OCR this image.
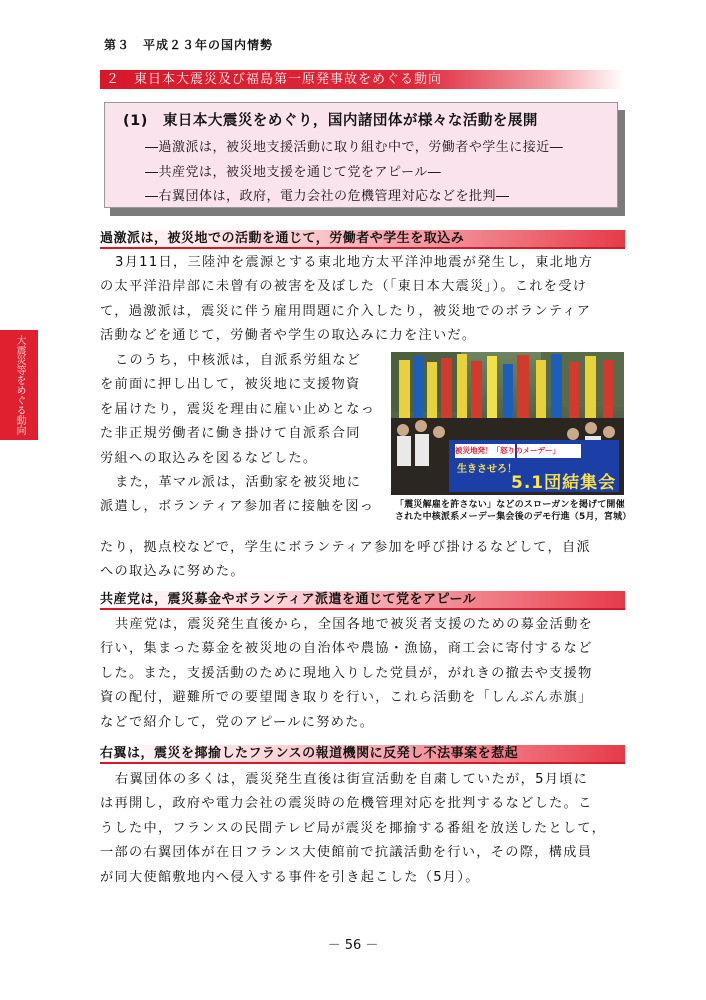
第３　平成２３年の国内情勢
２　東日本大震災及び福島第一原発事故をめぐる動向
(1)　東日本大震災をめぐり，国内諸団体が様々な活動を展開
―過激派は，被災地支援活動に取り組む中で，労働者や学生に接近―
―共産党は，被災地支援を通じて党をアピール―
―右翼団体は，政府，電力会社の危機管理対応などを批判―
大震災等をめぐる動向
過激派は，被災地での活動を通じて，労働者や学生を取込み
3月11日，三陸沖を震源とする東北地方太平洋沖地震が発生し，東北地方
の太平洋沿岸部に未曾有の被害を及ぼした（「東日本大震災」）。これを受け
て，過激派は，震災に伴う雇用問題に介入したり，被災地でのボランティア
活動などを通じて，労働者や学生の取込みに力を注いだ。
このうち，中核派は，自派系労組など
を前面に押し出して，被災地に支援物資
を届けたり，震災を理由に雇い止めとなっ
た非正規労働者に働き掛けて自派系合同
労組への取込みを図るなどした。
また，革マル派は，活動家を被災地に
派遣し，ボランティア参加者に接触を図っ
たり，拠点校などで，学生にボランティア参加を呼び掛けるなどして，自派
への取込みに努めた。
被災地発！「怒りのメーデー」
生きさせろ！
5.1団結集会
「震災解雇を許さない」などのスローガンを掲げて開催
された中核派系メーデー集会後のデモ行進（5月，宮城）
共産党は，震災募金やボランティア派遣を通じて党をアピール
共産党は，震災発生直後から，全国各地で被災者支援のための募金活動を
行い，集まった募金を被災地の自治体や農協・漁協，商工会に寄付するなど
した。また，支援活動のために現地入りした党員が，がれきの撤去や支援物
資の配付，避難所での要望聞き取りを行い，これら活動を「しんぶん赤旗」
などで紹介して，党のアピールに努めた。
右翼は，震災を揶揄したフランスの報道機関に反発し不法事案を惹起
右翼団体の多くは，震災発生直後は街宣活動を自粛していたが，5月頃に
は再開し，政府や電力会社の震災時の危機管理対応を批判するなどした。こ
うした中，フランスの民間テレビ局が震災を揶揄する番組を放送したとして，
一部の右翼団体が在日フランス大使館前で抗議活動を行い，その際，構成員
が同大使館敷地内へ侵入する事件を引き起こした（5月）。
－ 56 －
